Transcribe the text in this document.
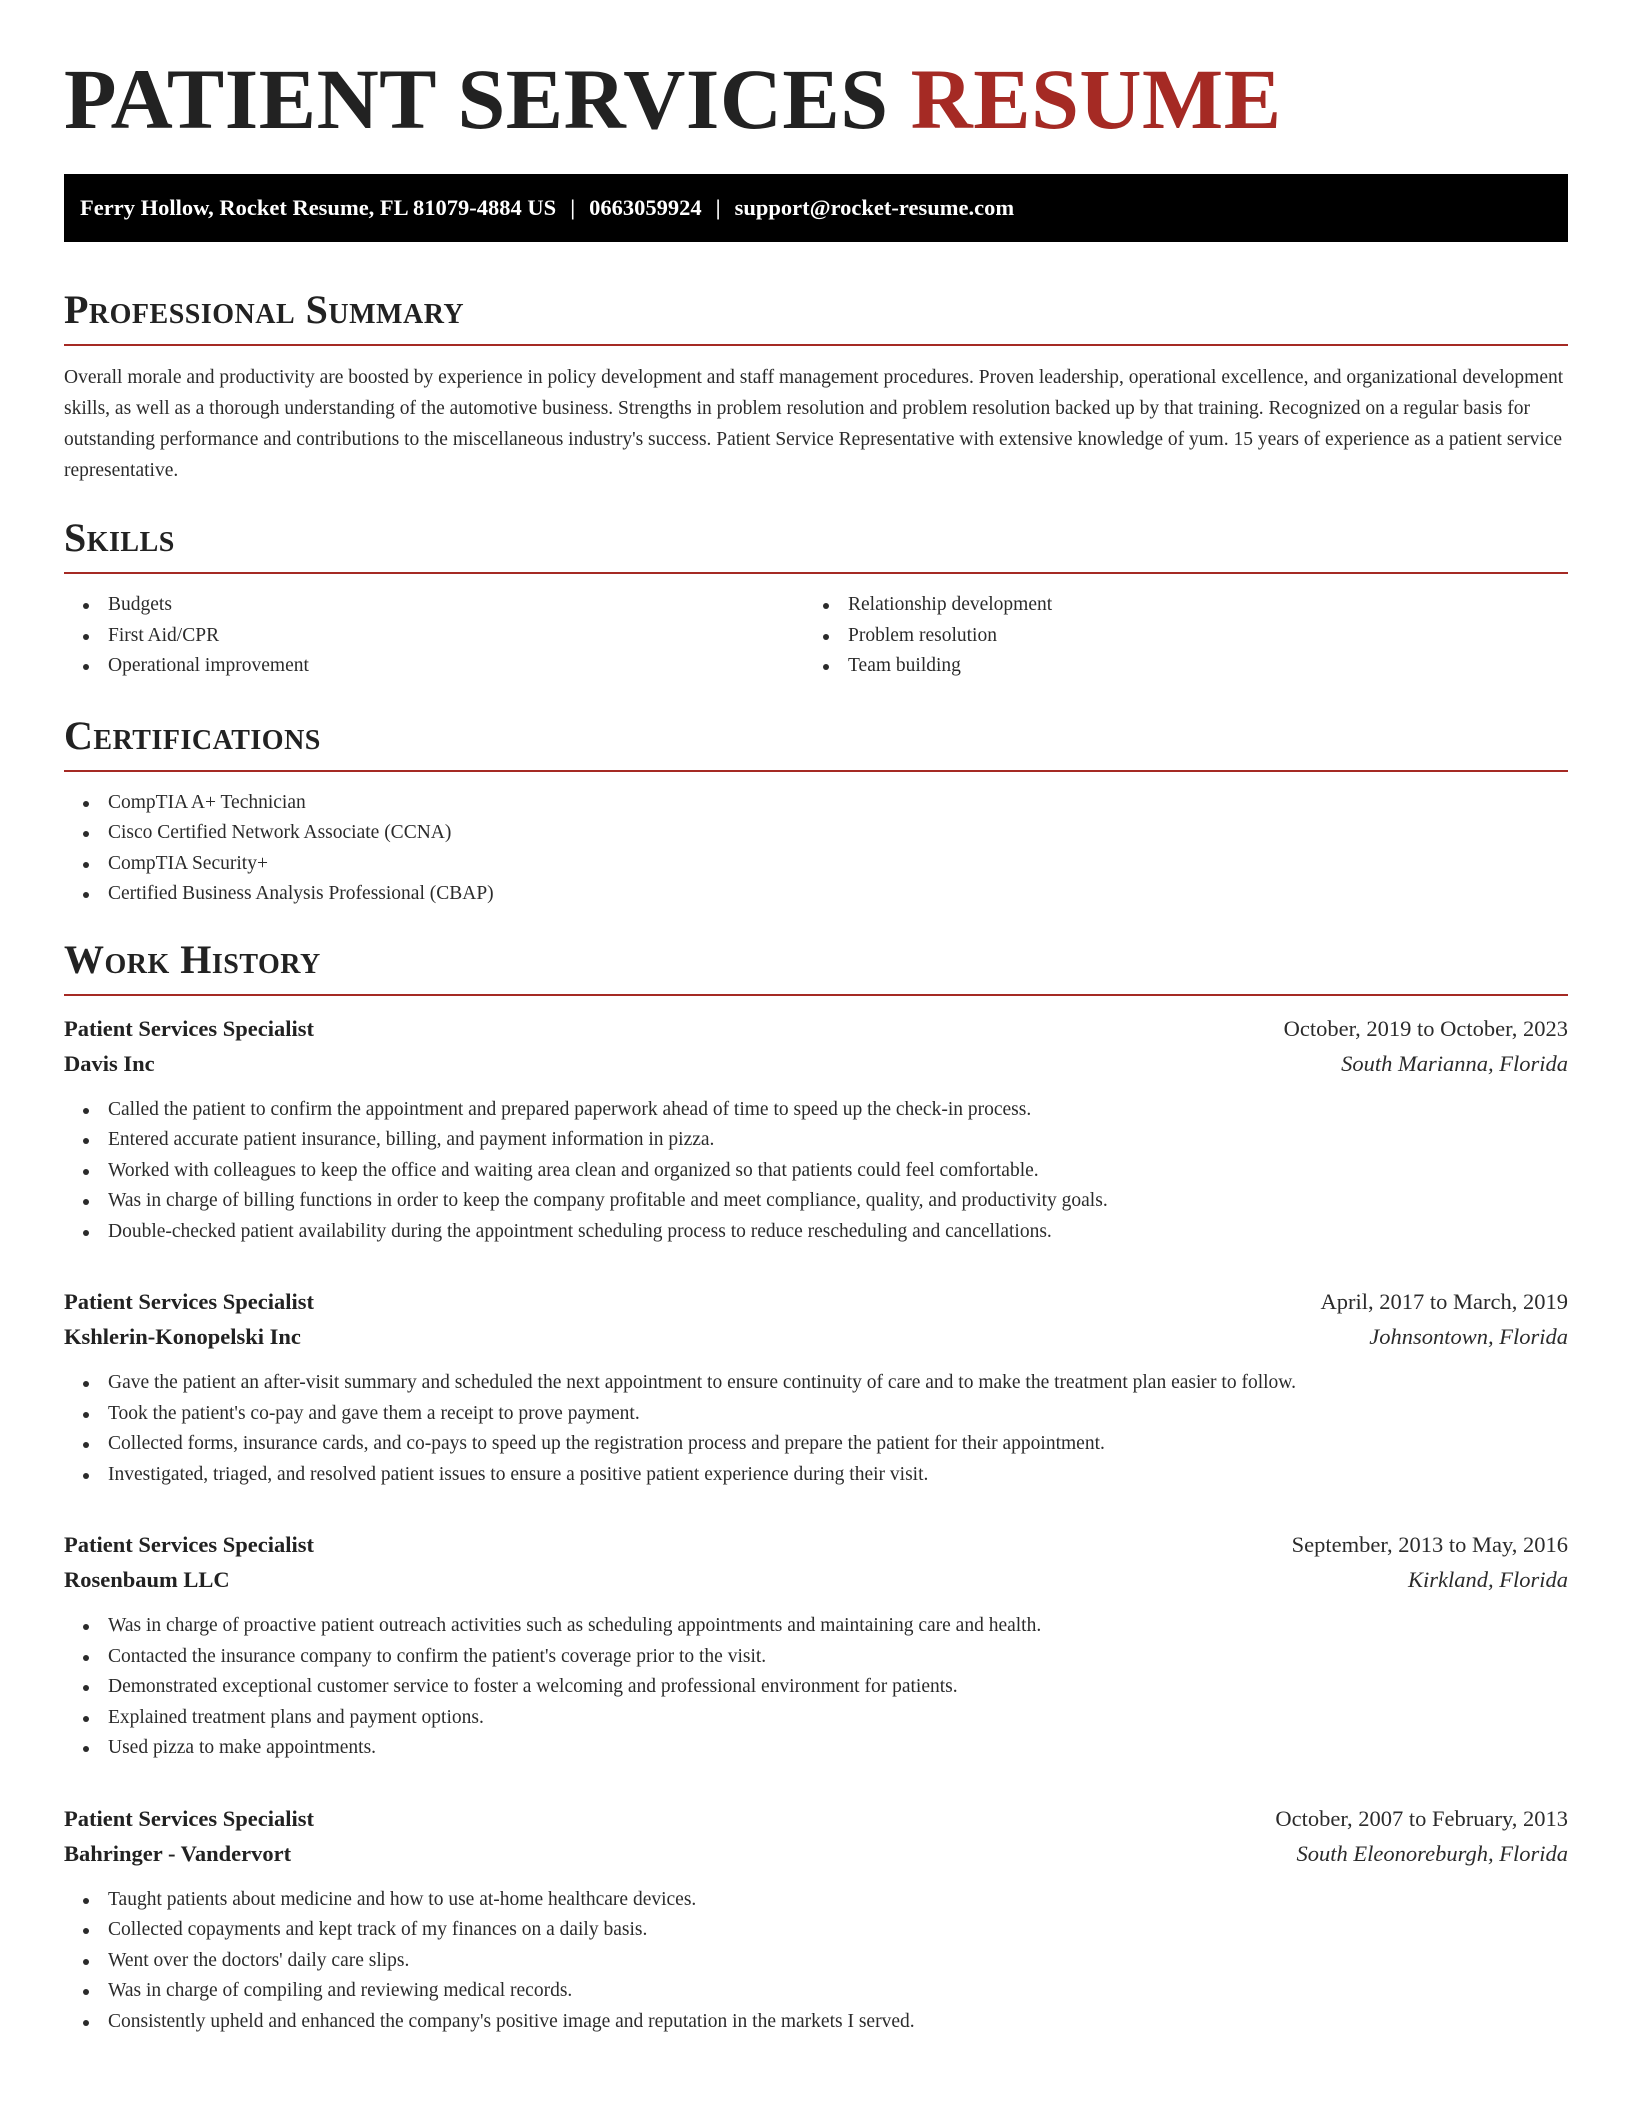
PATIENT SERVICES RESUME
Ferry Hollow, Rocket Resume, FL 81079-4884 US | 0663059924 | support@rocket-resume.com
Professional Summary

Overall morale and productivity are boosted by experience in policy development and staff management procedures. Proven leadership, operational excellence, and organizational development skills, as well as a thorough understanding of the automotive business. Strengths in problem resolution and problem resolution backed up by that training. Recognized on a regular basis for outstanding performance and contributions to the miscellaneous industry's success. Patient Service Representative with extensive knowledge of yum. 15 years of experience as a patient service representative.

Skills
Budgets
First Aid/CPR
Operational improvement
Relationship development
Problem resolution
Team building
Certifications
CompTIA A+ Technician
Cisco Certified Network Associate (CCNA)
CompTIA Security+
Certified Business Analysis Professional (CBAP)
Work History
Patient Services Specialist	October, 2019 to October, 2023
Davis Inc	South Marianna, Florida
Called the patient to confirm the appointment and prepared paperwork ahead of time to speed up the check-in process.
Entered accurate patient insurance, billing, and payment information in pizza.
Worked with colleagues to keep the office and waiting area clean and organized so that patients could feel comfortable.
Was in charge of billing functions in order to keep the company profitable and meet compliance, quality, and productivity goals.
Double-checked patient availability during the appointment scheduling process to reduce rescheduling and cancellations.
Patient Services Specialist	April, 2017 to March, 2019
Kshlerin-Konopelski Inc	Johnsontown, Florida
Gave the patient an after-visit summary and scheduled the next appointment to ensure continuity of care and to make the treatment plan easier to follow.
Took the patient's co-pay and gave them a receipt to prove payment.
Collected forms, insurance cards, and co-pays to speed up the registration process and prepare the patient for their appointment.
Investigated, triaged, and resolved patient issues to ensure a positive patient experience during their visit.
Patient Services Specialist	September, 2013 to May, 2016
Rosenbaum LLC	Kirkland, Florida
Was in charge of proactive patient outreach activities such as scheduling appointments and maintaining care and health.
Contacted the insurance company to confirm the patient's coverage prior to the visit.
Demonstrated exceptional customer service to foster a welcoming and professional environment for patients.
Explained treatment plans and payment options.
Used pizza to make appointments.
Patient Services Specialist	October, 2007 to February, 2013
Bahringer - Vandervort	South Eleonoreburgh, Florida
Taught patients about medicine and how to use at-home healthcare devices.
Collected copayments and kept track of my finances on a daily basis.
Went over the doctors' daily care slips.
Was in charge of compiling and reviewing medical records.
Consistently upheld and enhanced the company's positive image and reputation in the markets I served.
